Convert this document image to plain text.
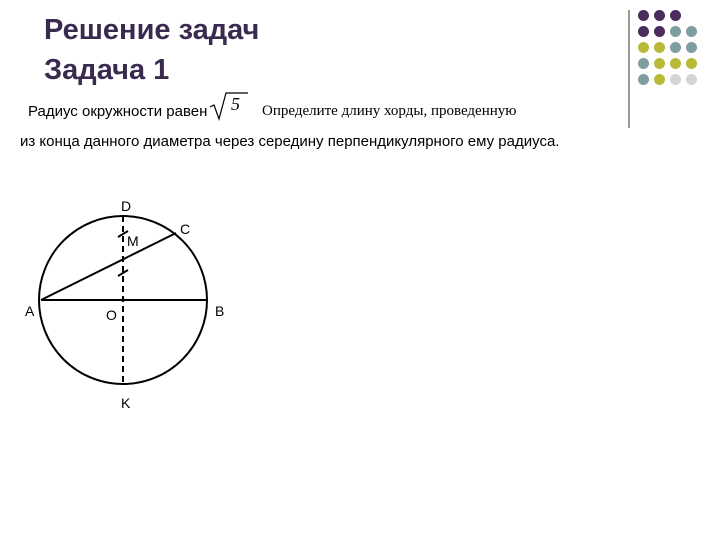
Решение задач
Задача 1
Радиус окружности равен 5 Определите длину хорды, проведенную
из конца данного диаметра через середину перпендикулярного ему радиуса.
D
M
C
A	O	B
K
